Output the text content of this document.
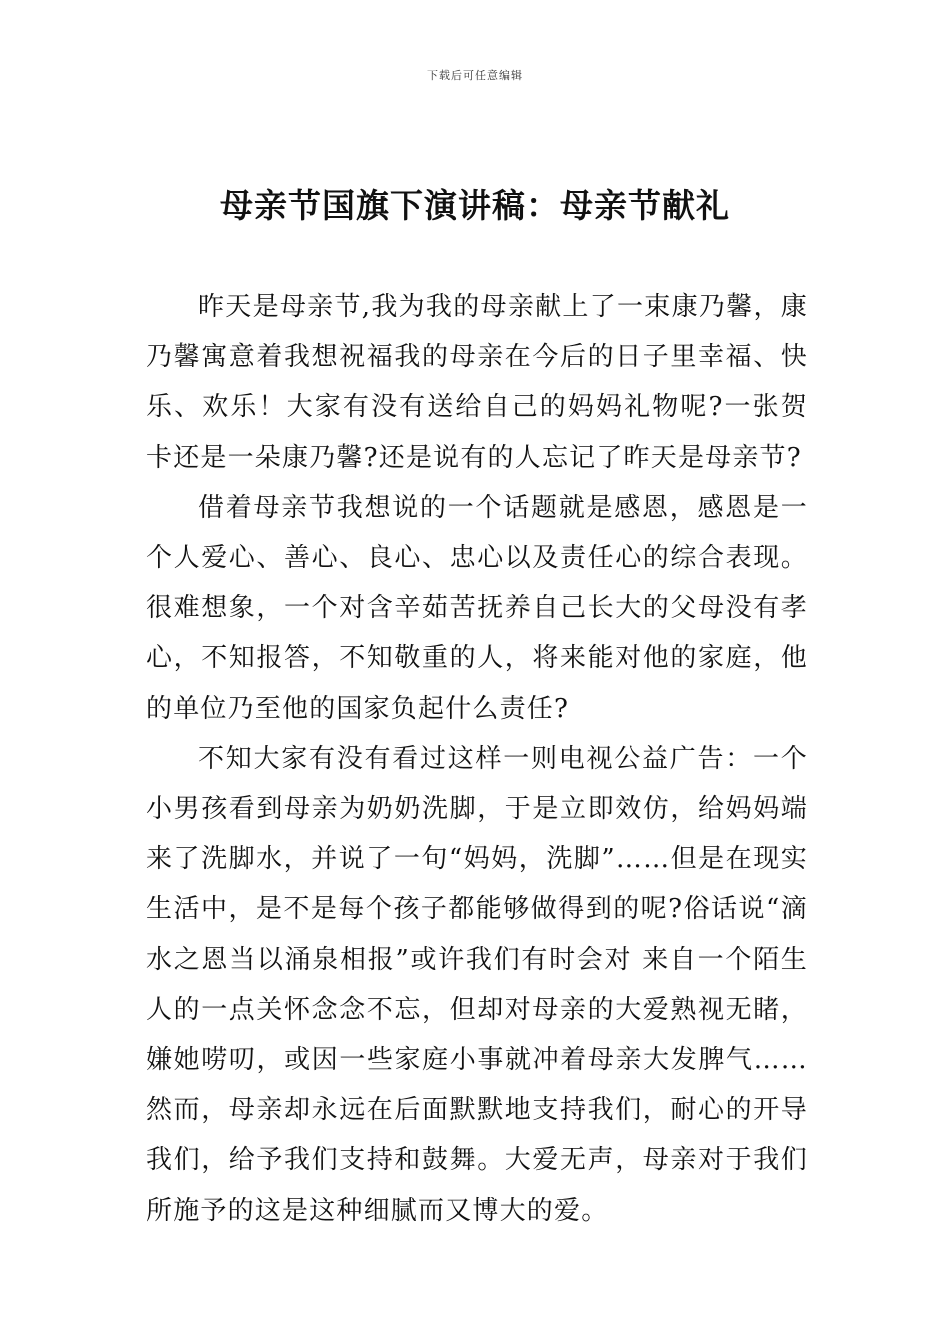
下载后可任意编辑
母亲节国旗下演讲稿：母亲节献礼

昨天是母亲节,我为我的母亲献上了一束康乃馨，康乃馨寓意着我想祝福我的母亲在今后的日子里幸福、快乐、欢乐！大家有没有送给自己的妈妈礼物呢?一张贺卡还是一朵康乃馨?还是说有的人忘记了昨天是母亲节?

借着母亲节我想说的一个话题就是感恩，感恩是一个人爱心、善心、良心、忠心以及责任心的综合表现。很难想象，一个对含辛茹苦抚养自己长大的父母没有孝心，不知报答，不知敬重的人，将来能对他的家庭，他的单位乃至他的国家负起什么责任?

不知大家有没有看过这样一则电视公益广告：一个小男孩看到母亲为奶奶洗脚，于是立即效仿，给妈妈端来了洗脚水，并说了一句“妈妈，洗脚”……但是在现实生活中，是不是每个孩子都能够做得到的呢?俗话说“滴水之恩当以涌泉相报”或许我们有时会对 来自一个陌生人的一点关怀念念不忘，但却对母亲的大爱熟视无睹，嫌她唠叨，或因一些家庭小事就冲着母亲大发脾气……然而，母亲却永远在后面默默地支持我们，耐心的开导我们，给予我们支持和鼓舞。大爱无声，母亲对于我们所施予的这是这种细腻而又博大的爱。
